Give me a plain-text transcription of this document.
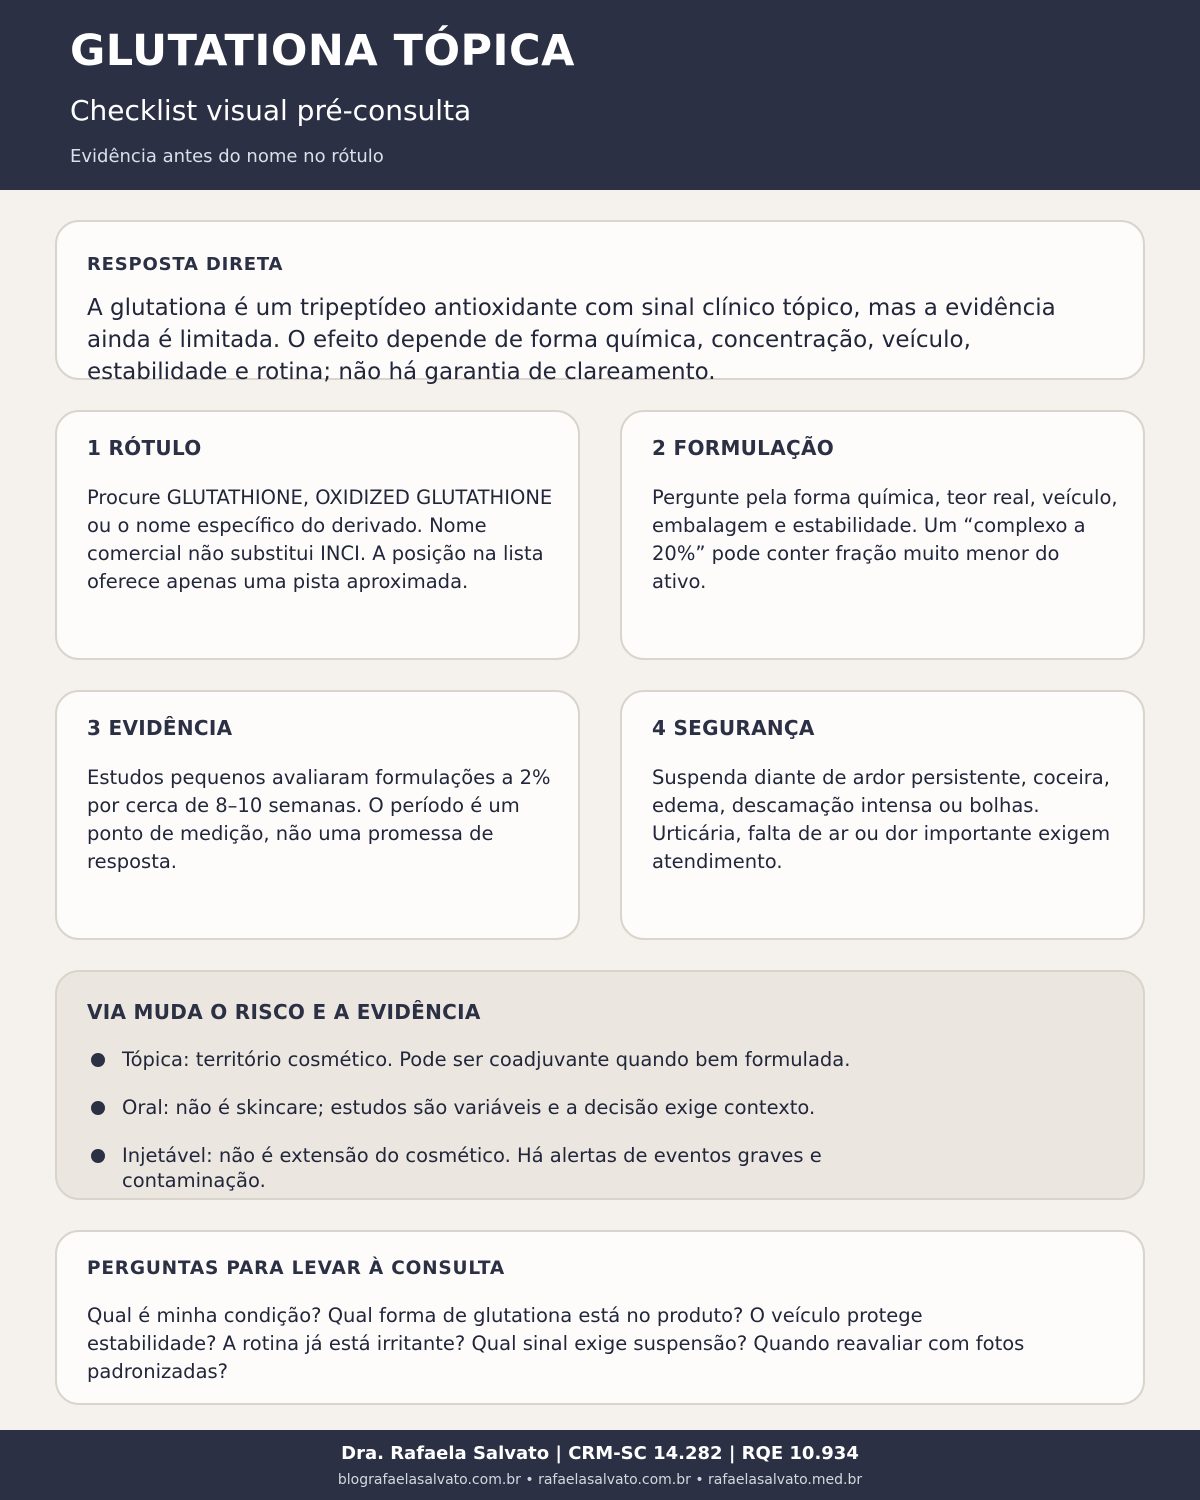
GLUTATIONA TÓPICA
Checklist visual pré-consulta
Evidência antes do nome no rótulo
RESPOSTA DIRETA

A glutationa é um tripeptídeo antioxidante com sinal clínico tópico, mas a evidência ainda é limitada. O efeito depende de forma química, concentração, veículo, estabilidade e rotina; não há garantia de clareamento.

1 RÓTULO

Procure GLUTATHIONE, OXIDIZED GLUTATHIONE ou o nome específico do derivado. Nome comercial não substitui INCI. A posição na lista oferece apenas uma pista aproximada.

2 FORMULAÇÃO

Pergunte pela forma química, teor real, veículo, embalagem e estabilidade. Um “complexo a 20%” pode conter fração muito menor do ativo.

3 EVIDÊNCIA

Estudos pequenos avaliaram formulações a 2% por cerca de 8–10 semanas. O período é um ponto de medição, não uma promessa de resposta.

4 SEGURANÇA

Suspenda diante de ardor persistente, coceira, edema, descamação intensa ou bolhas. Urticária, falta de ar ou dor importante exigem atendimento.

VIA MUDA O RISCO E A EVIDÊNCIA
Tópica: território cosmético. Pode ser coadjuvante quando bem formulada.
Oral: não é skincare; estudos são variáveis e a decisão exige contexto.
Injetável: não é extensão do cosmético. Há alertas de eventos graves e contaminação.
PERGUNTAS PARA LEVAR À CONSULTA

Qual é minha condição? Qual forma de glutationa está no produto? O veículo protege estabilidade? A rotina já está irritante? Qual sinal exige suspensão? Quando reavaliar com fotos padronizadas?

Dra. Rafaela Salvato | CRM-SC 14.282 | RQE 10.934
blografaelasalvato.com.br • rafaelasalvato.com.br • rafaelasalvato.med.br
